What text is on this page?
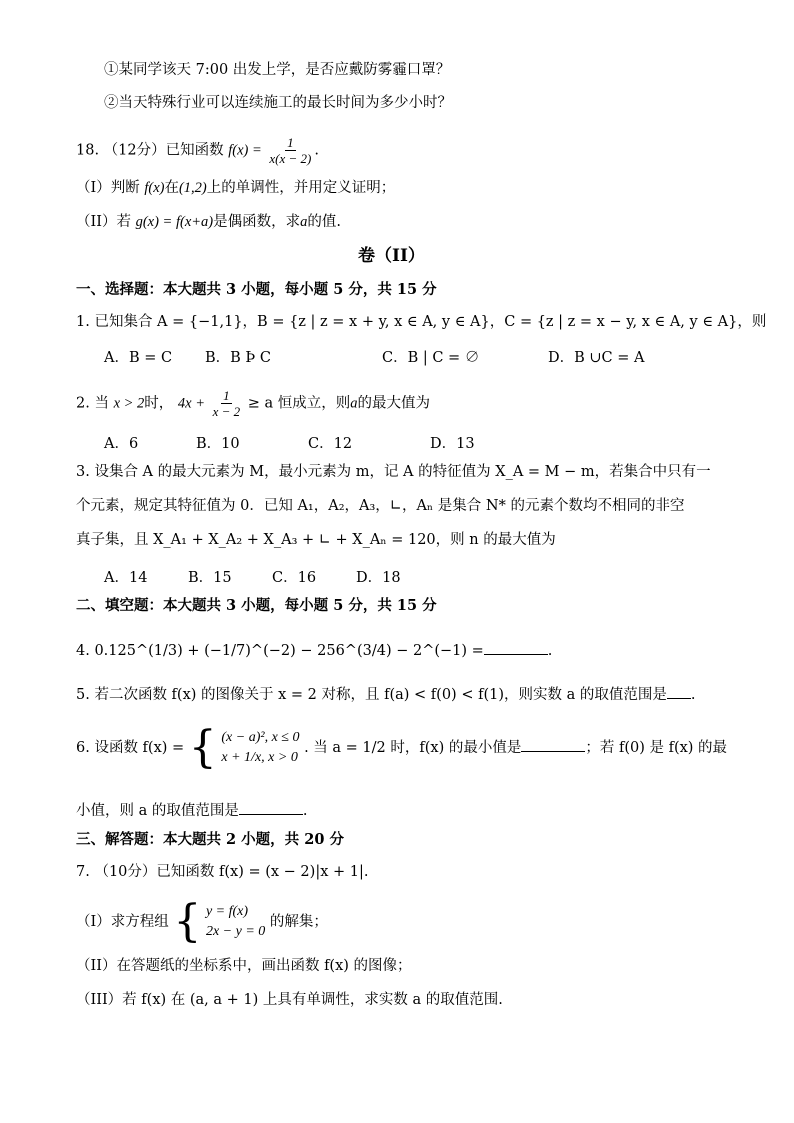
①某同学该天 7:00 出发上学，是否应戴防雾霾口罩？
②当天特殊行业可以连续施工的最长时间为多少小时？
18. （12分）已知函数 $f(x) = \frac{1}{x(x - 2)}$ .
（I）判断 f(x)在(1,2)上的单调性，并用定义证明；
（II）若 g(x) = f(x+a)是偶函数，求a的值.
卷（II）
一、选择题：本大题共 3 小题，每小题 5 分，共 15 分
1. 已知集合 A = {−1,1}，B = {z | z = x + y, x ∈ A, y ∈ A}，C = {z | z = x − y, x ∈ A, y ∈ A}，则
A．B = C B．B Þ C	C．B | C = ∅	D．B ∪C = A
2. 当 x > 2时， $4x + \frac{1}{x - 2} \ge a$ 恒成立，则a的最大值为
A．6	B．10	C．12	D．13
3. 设集合 A 的最大元素为 M，最小元素为 m，记 A 的特征值为 X_A = M − m，若集合中只有一
个元素，规定其特征值为 0．已知 A₁，A₂，A₃，∟，Aₙ 是集合 N* 的元素个数均不相同的非空
真子集，且 X_A₁ + X_A₂ + X_A₃ + ∟ + X_Aₙ = 120，则 n 的最大值为
A．14	B．15	C．16	D．18
二、填空题：本大题共 3 小题，每小题 5 分，共 15 分
4. 0.125^(1/3) + (−1/7)^(−2) − 256^(3/4) − 2^(−1) =	.
5. 若二次函数 f(x) 的图像关于 x = 2 对称，且 f(a) < f(0) < f(1)，则实数 a 的取值范围是 .
6. 设函数 f(x) = { (x − a)², x ≤ 0
x + 1/x, x > 0
. 当 a = 1/2 时，f(x) 的最小值是	；若 f(0) 是 f(x) 的最
小值，则 a 的取值范围是	.
三、解答题：本大题共 2 小题，共 20 分
7. （10分）已知函数 f(x) = (x − 2)|x + 1|.
（I）求方程组 { y = f(x)
2x − y = 0
的解集；
（II）在答题纸的坐标系中，画出函数 f(x) 的图像；
（III）若 f(x) 在 (a, a + 1) 上具有单调性，求实数 a 的取值范围.
